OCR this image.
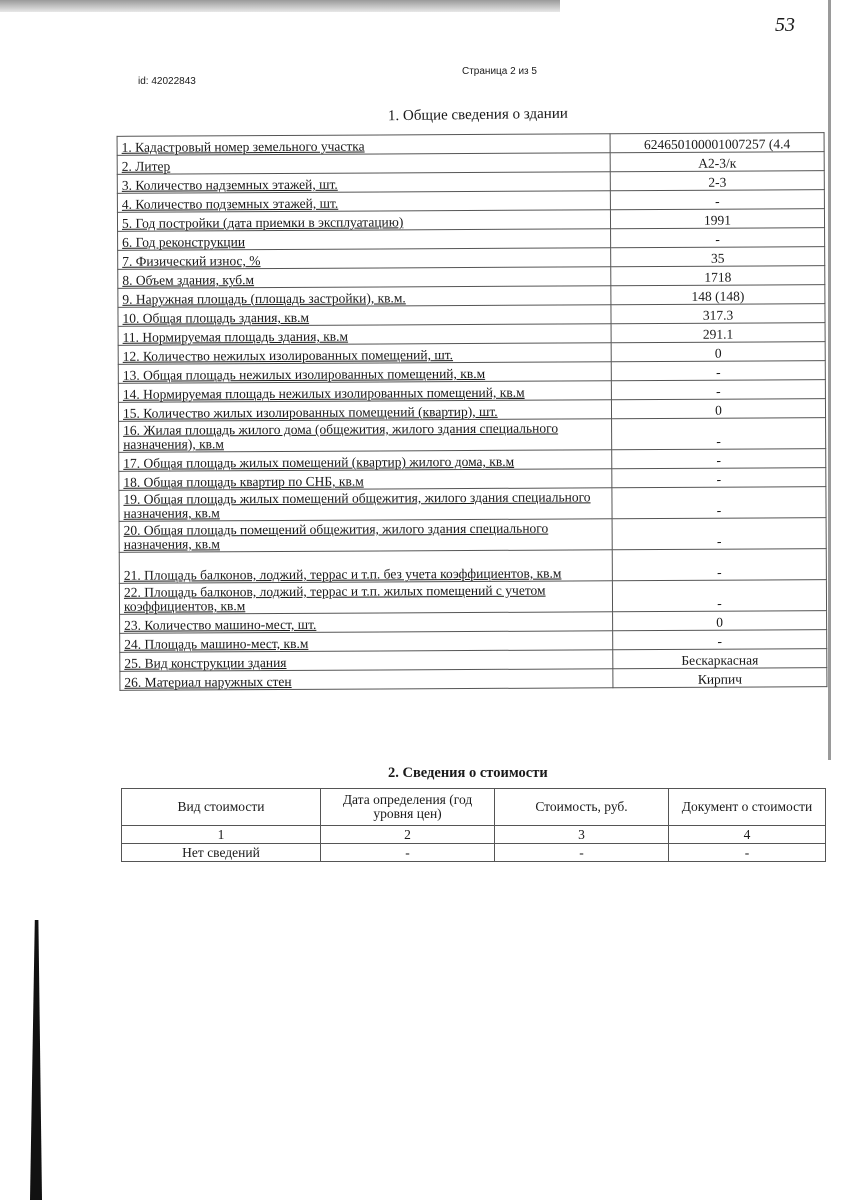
53
id: 42022843
Страница 2 из 5
1. Общие сведения о здании
1. Кадастровый номер земельного участка	624650100001007257 (4.4
2. Литер	А2-3/к
3. Количество надземных этажей, шт.	2-3
4. Количество подземных этажей, шт.	-
5. Год постройки (дата приемки в эксплуатацию)	1991
6. Год реконструкции	-
7. Физический износ, %	35
8. Объем здания, куб.м	1718
9. Наружная площадь (площадь застройки), кв.м.	148 (148)
10. Общая площадь здания, кв.м	317.3
11. Нормируемая площадь здания, кв.м	291.1
12. Количество нежилых изолированных помещений, шт.	0
13. Общая площадь нежилых изолированных помещений, кв.м	-
14. Нормируемая площадь нежилых изолированных помещений, кв.м	-
15. Количество жилых изолированных помещений (квартир), шт.	0
16. Жилая площадь жилого дома (общежития, жилого здания специального назначения), кв.м	-
17. Общая площадь жилых помещений (квартир) жилого дома, кв.м	-
18. Общая площадь квартир по СНБ, кв.м	-
19. Общая площадь жилых помещений общежития, жилого здания специального назначения, кв.м	-
20. Общая площадь помещений общежития, жилого здания специального назначения, кв.м	-
21. Площадь балконов, лоджий, террас и т.п. без учета коэффициентов, кв.м	-
22. Площадь балконов, лоджий, террас и т.п. жилых помещений с учетом коэффициентов, кв.м	-
23. Количество машино-мест, шт.	0
24. Площадь машино-мест, кв.м	-
25. Вид конструкции здания	Бескаркасная
26. Материал наружных стен	Кирпич
2. Сведения о стоимости
Вид стоимости	Дата определения (год уровня цен)	Стоимость, руб.	Документ о стоимости
1	2	3	4
Нет сведений	-	-	-
